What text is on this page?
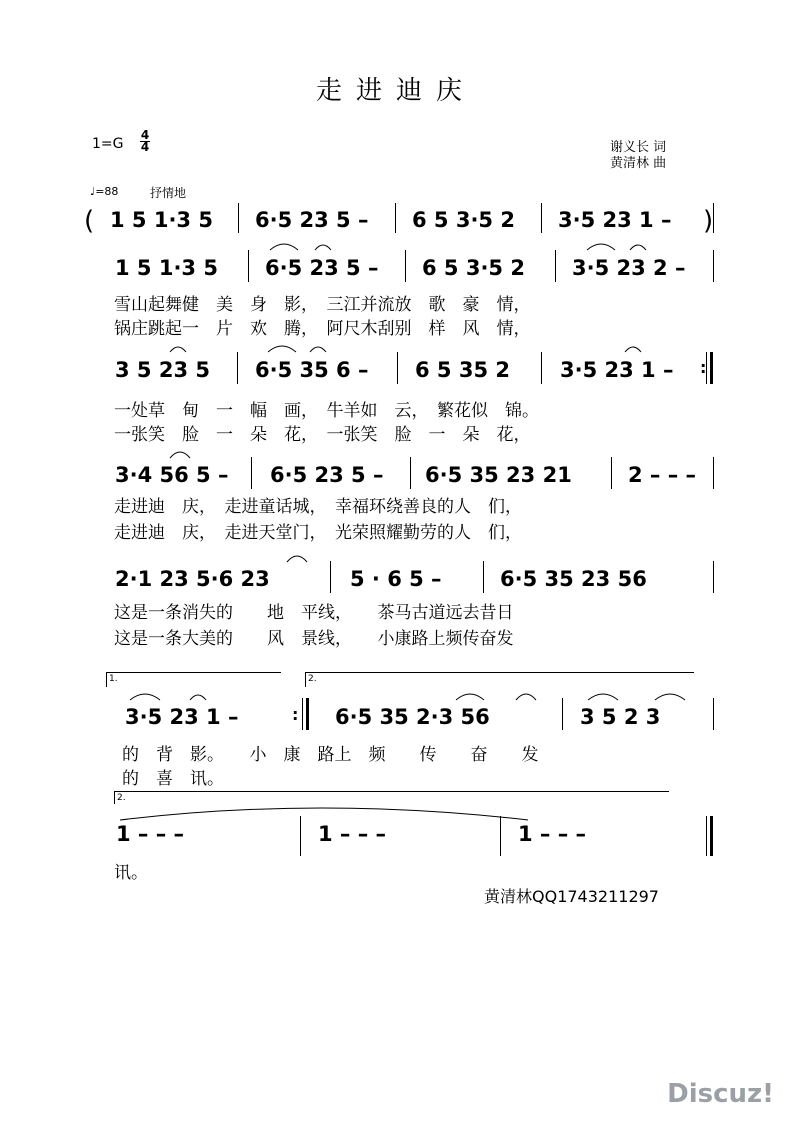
走进迪庆
1=G
4
4	谢义长 词
黄清林 曲
♩=88	抒情地
( 1 5 1·3 5 6·5 23 5 – 6 5 3·5 2 3·5 23 1 – )
1 5 1·3 5 6·5 23 5 – 6 5 3·5 2 3·5 23 2 –
雪山起舞健　美　身　影，　三江并流放　歌　豪　情，
锅庄跳起一　片　欢　腾，　阿尺木刮别　样　风　情，
3 5 23 5 6·5 35 6 – 6 5 35 2 3·5 23 1 – :
一处草　甸　一　幅　画，　牛羊如　云，　繁花似　锦。
一张笑　脸　一　朵　花，　一张笑　脸　一　朵　花，
3·4 56 5 – 6·5 23 5 – 6·5 35 23 21	2 – – –
走进迪　庆，　走进童话城，　幸福环绕善良的人　们，
走进迪　庆，　走进天堂门，　光荣照耀勤劳的人　们，
2·1 23 5·6 23	5 · 6 5 –	6·5 35 23 56
这是一条消失的　　地　平线，　　茶马古道远去昔日
这是一条大美的　　风　景线，　　小康路上频传奋发
1.	2.
3·5 23 1 –	6·5 35 2·3 56	3 5 2 3
:
的　背　影。　　小　康　路上　频　　传　　奋　　发
的　喜　讯。
2.
1 – – –	1 – – –	1 – – –
讯。
黄清林QQ1743211297
Discuz!
